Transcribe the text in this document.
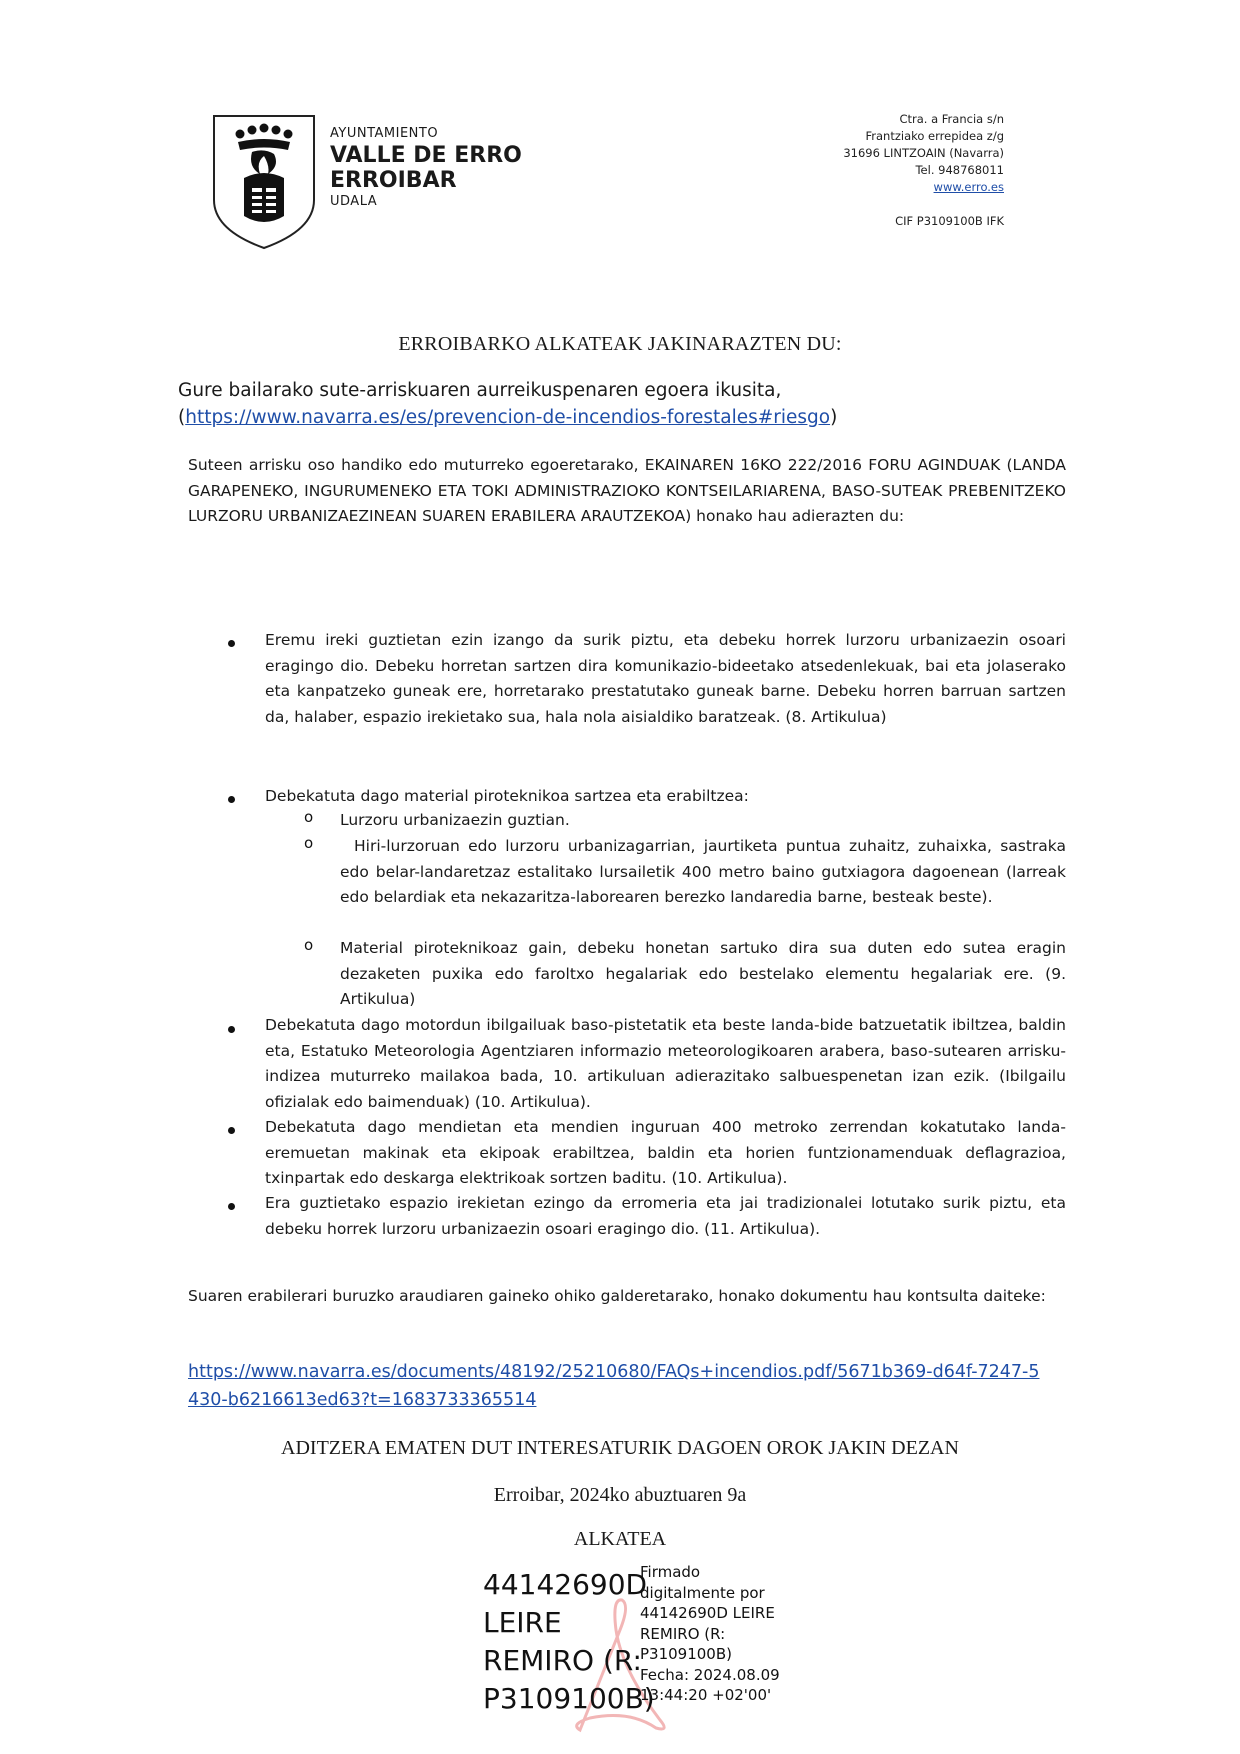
AYUNTAMIENTO
VALLE DE ERRO
ERROIBAR
UDALA
Ctra. a Francia s/n
Frantziako errepidea z/g
31696 LINTZOAIN (Navarra)
Tel. 948768011
www.erro.es
CIF P3109100B IFK
ERROIBARKO ALKATEAK JAKINARAZTEN DU:
Gure bailarako sute-arriskuaren aurreikuspenaren egoera ikusita,
(https://www.navarra.es/es/prevencion-de-incendios-forestales#riesgo)
Suteen arrisku oso handiko edo muturreko egoeretarako, EKAINAREN 16KO 222/2016 FORU AGINDUAK (LANDA GARAPENEKO, INGURUMENEKO ETA TOKI ADMINISTRAZIOKO KONTSEILARIARENA, BASO-SUTEAK PREBENITZEKO LURZORU URBANIZAEZINEAN SUAREN ERABILERA ARAUTZEKOA) honako hau adierazten du:
Eremu ireki guztietan ezin izango da surik piztu, eta debeku horrek lurzoru urbanizaezin osoari eragingo dio. Debeku horretan sartzen dira komunikazio-bideetako atsedenlekuak, bai eta jolaserako eta kanpatzeko guneak ere, horretarako prestatutako guneak barne. Debeku horren barruan sartzen da, halaber, espazio irekietako sua, hala nola aisialdiko baratzeak. (8. Artikulua)
Debekatuta dago material piroteknikoa sartzea eta erabiltzea:
o Lurzoru urbanizaezin guztian.
o	Hiri-lurzoruan edo lurzoru urbanizagarrian, jaurtiketa puntua zuhaitz, zuhaixka, sastraka edo belar-landaretzaz estalitako lursailetik 400 metro baino gutxiagora dagoenean (larreak edo belardiak eta nekazaritza-laborearen berezko landaredia barne, besteak beste).
o Material piroteknikoaz gain, debeku honetan sartuko dira sua duten edo sutea eragin dezaketen puxika edo faroltxo hegalariak edo bestelako elementu hegalariak ere. (9. Artikulua)
Debekatuta dago motordun ibilgailuak baso-pistetatik eta beste landa-bide batzuetatik ibiltzea, baldin eta, Estatuko Meteorologia Agentziaren informazio meteorologikoaren arabera, baso-sutearen arrisku-indizea muturreko mailakoa bada, 10. artikuluan adierazitako salbuespenetan izan ezik. (Ibilgailu ofizialak edo baimenduak) (10. Artikulua).
Debekatuta dago mendietan eta mendien inguruan 400 metroko zerrendan kokatutako landa-eremuetan makinak eta ekipoak erabiltzea, baldin eta horien funtzionamenduak deflagrazioa, txinpartak edo deskarga elektrikoak sortzen baditu. (10. Artikulua).
Era guztietako espazio irekietan ezingo da erromeria eta jai tradizionalei lotutako surik piztu, eta debeku horrek lurzoru urbanizaezin osoari eragingo dio. (11. Artikulua).
Suaren erabilerari buruzko araudiaren gaineko ohiko galderetarako, honako dokumentu hau kontsulta daiteke:
https://www.navarra.es/documents/48192/25210680/FAQs+incendios.pdf/5671b369-d64f-7247-5430-b6216613ed63?t=1683733365514
ADITZERA EMATEN DUT INTERESATURIK DAGOEN OROK JAKIN DEZAN
Erroibar, 2024ko abuztuaren 9a
ALKATEA
44142690D
LEIRE
REMIRO (R:
P3109100B)
Firmado
digitalmente por
44142690D LEIRE
REMIRO (R:
P3109100B)
Fecha: 2024.08.09
13:44:20 +02'00'
